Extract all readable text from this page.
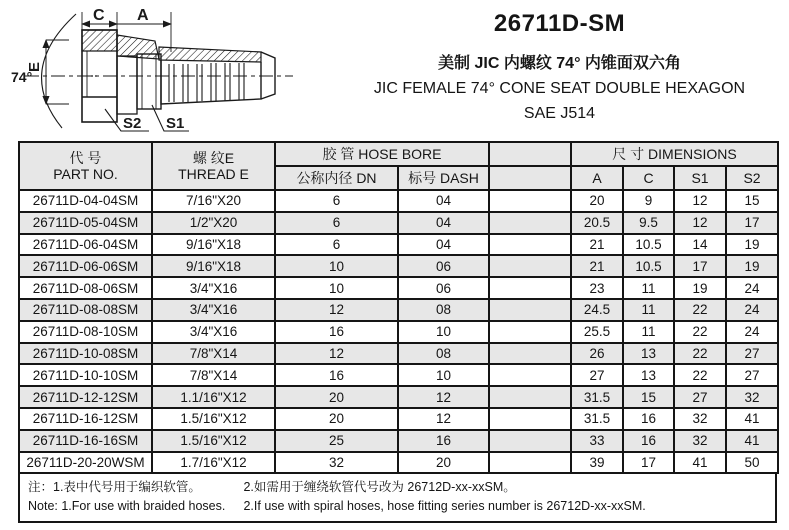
C A
74°
E
S2 S1
26711D-SM
美制 JIC 内螺纹 74° 内锥面双六角
JIC FEMALE 74° CONE SEAT DOUBLE HEXAGON
SAE J514
代 号
PART NO.

螺 纹E
THREAD E
	胶 管 HOSE BORE		尺 寸 DIMENSIONS
		公称内径 DN	标号 DASH		A	C	S1	S2
26711D-04-04SM	7/16"X20	6	04		20	9	12	15
26711D-05-04SM	1/2"X20	6	04		20.5	9.5	12	17
26711D-06-04SM	9/16"X18	6	04		21	10.5	14	19
26711D-06-06SM	9/16"X18	10	06		21	10.5	17	19
26711D-08-06SM	3/4"X16	10	06		23	11	19	24
26711D-08-08SM	3/4"X16	12	08		24.5	11	22	24
26711D-08-10SM	3/4"X16	16	10		25.5	11	22	24
26711D-10-08SM	7/8"X14	12	08		26	13	22	27
26711D-10-10SM	7/8"X14	16	10		27	13	22	27
26711D-12-12SM	1.1/16"X12	20	12		31.5	15	27	32
26711D-16-12SM	1.5/16"X12	20	12		31.5	16	32	41
26711D-16-16SM	1.5/16"X12	25	16		33	16	32	41
26711D-20-20WSM	1.7/16"X12	32	20		39	17	41	50
注：1.表中代号用于编织软管。	2.如需用于缠绕软管代号改为 26712D-xx-xxSM。
Note: 1.For use with braided hoses. 2.If use with spiral hoses, hose fitting series number is 26712D-xx-xxSM.
